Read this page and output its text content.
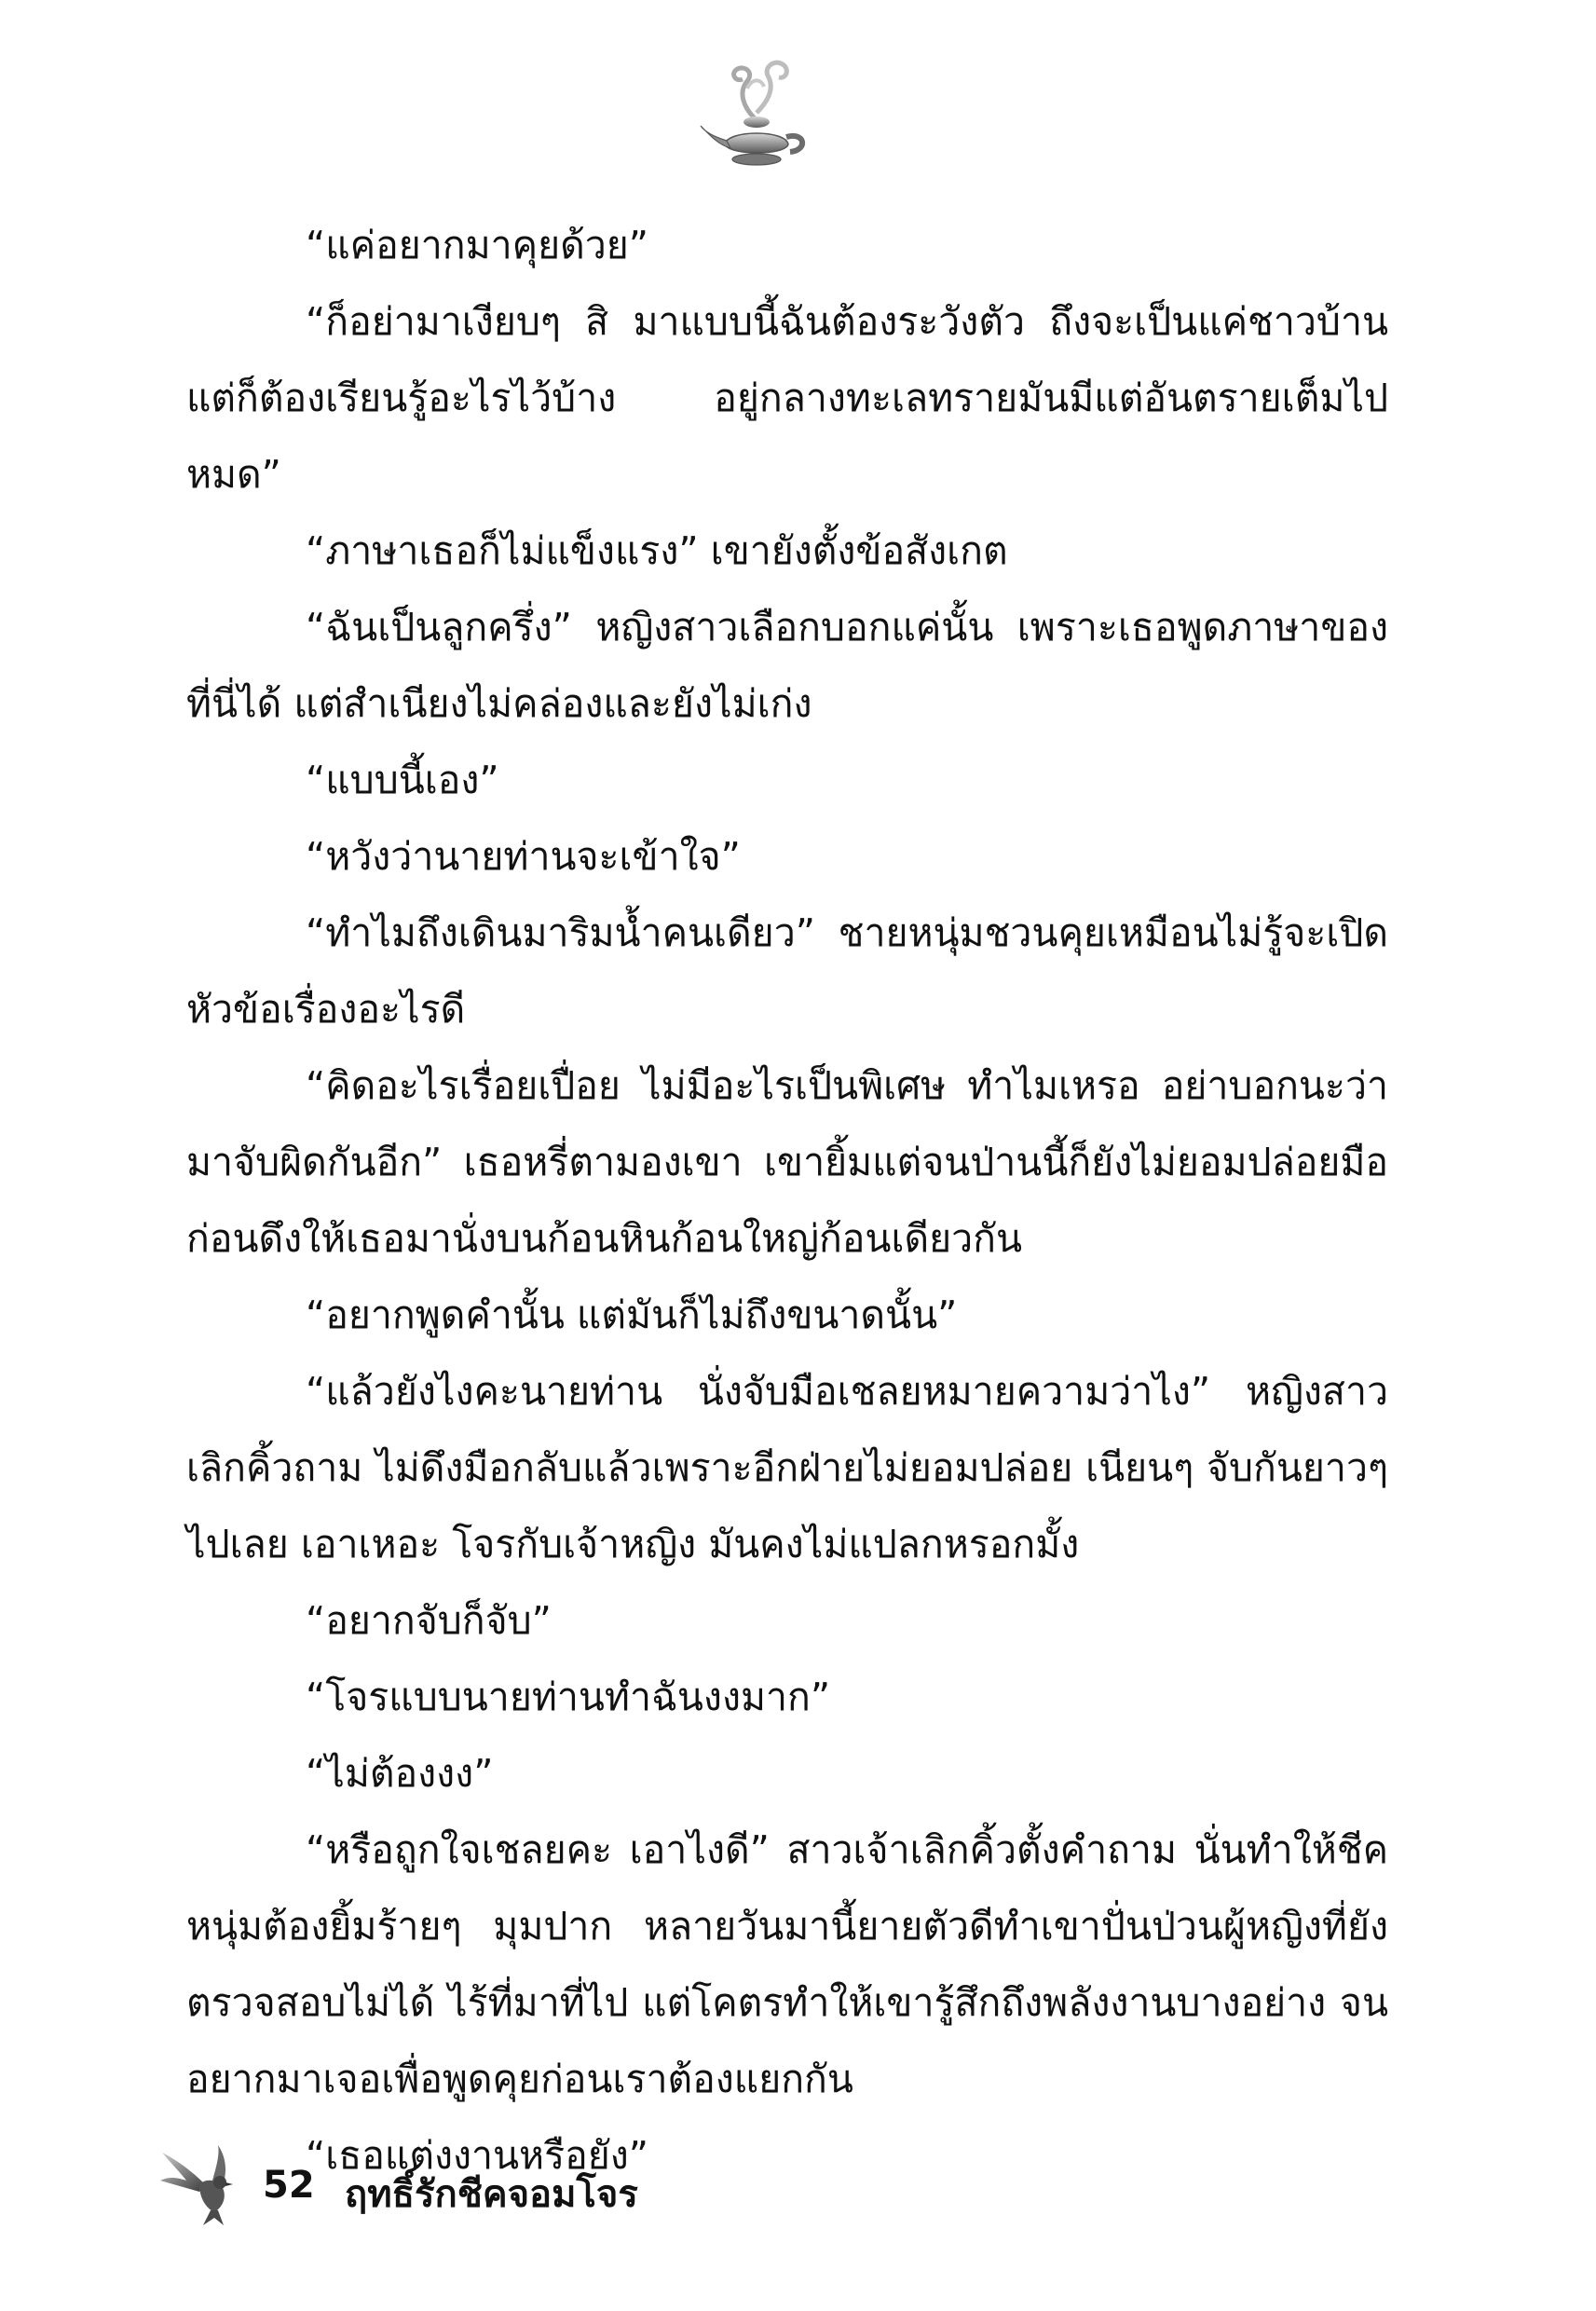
“แค่อยากมาคุยด้วย”

“ก็อย่ามาเงียบๆ สิ มาแบบนี้ฉันต้องระวังตัว ถึงจะเป็นแค่ชาวบ้าน แต่ก็ต้องเรียนรู้อะไรไว้บ้าง อยู่กลางทะเลทรายมันมีแต่อันตรายเต็มไปหมด”

“ภาษาเธอก็ไม่แข็งแรง” เขายังตั้งข้อสังเกต

“ฉันเป็นลูกครึ่ง” หญิงสาวเลือกบอกแค่นั้น เพราะเธอพูดภาษาของที่นี่ได้ แต่สำเนียงไม่คล่องและยังไม่เก่ง

“แบบนี้เอง”

“หวังว่านายท่านจะเข้าใจ”

“ทำไมถึงเดินมาริมน้ำคนเดียว” ชายหนุ่มชวนคุยเหมือนไม่รู้จะเปิดหัวข้อเรื่องอะไรดี

“คิดอะไรเรื่อยเปื่อย ไม่มีอะไรเป็นพิเศษ ทำไมเหรอ อย่าบอกนะว่ามาจับผิดกันอีก” เธอหรี่ตามองเขา เขายิ้มแต่จนป่านนี้ก็ยังไม่ยอมปล่อยมือ ก่อนดึงให้เธอมานั่งบนก้อนหินก้อนใหญ่ก้อนเดียวกัน

“อยากพูดคำนั้น แต่มันก็ไม่ถึงขนาดนั้น”

“แล้วยังไงคะนายท่าน นั่งจับมือเชลยหมายความว่าไง” หญิงสาวเลิกคิ้วถาม ไม่ดึงมือกลับแล้วเพราะอีกฝ่ายไม่ยอมปล่อย เนียนๆ จับกันยาวๆ ไปเลย เอาเหอะ โจรกับเจ้าหญิง มันคงไม่แปลกหรอกมั้ง

“อยากจับก็จับ”

“โจรแบบนายท่านทำฉันงงมาก”

“ไม่ต้องงง”

“หรือถูกใจเชลยคะ เอาไงดี” สาวเจ้าเลิกคิ้วตั้งคำถาม นั่นทำให้ชีคหนุ่มต้องยิ้มร้ายๆ มุมปาก หลายวันมานี้ยายตัวดีทำเขาปั่นป่วนผู้หญิงที่ยังตรวจสอบไม่ได้ ไร้ที่มาที่ไป แต่โคตรทำให้เขารู้สึกถึงพลังงานบางอย่าง จนอยากมาเจอเพื่อพูดคุยก่อนเราต้องแยกกัน

“เธอแต่งงานหรือยัง”

52 ฤทธิ์รักชีคจอมโจร
